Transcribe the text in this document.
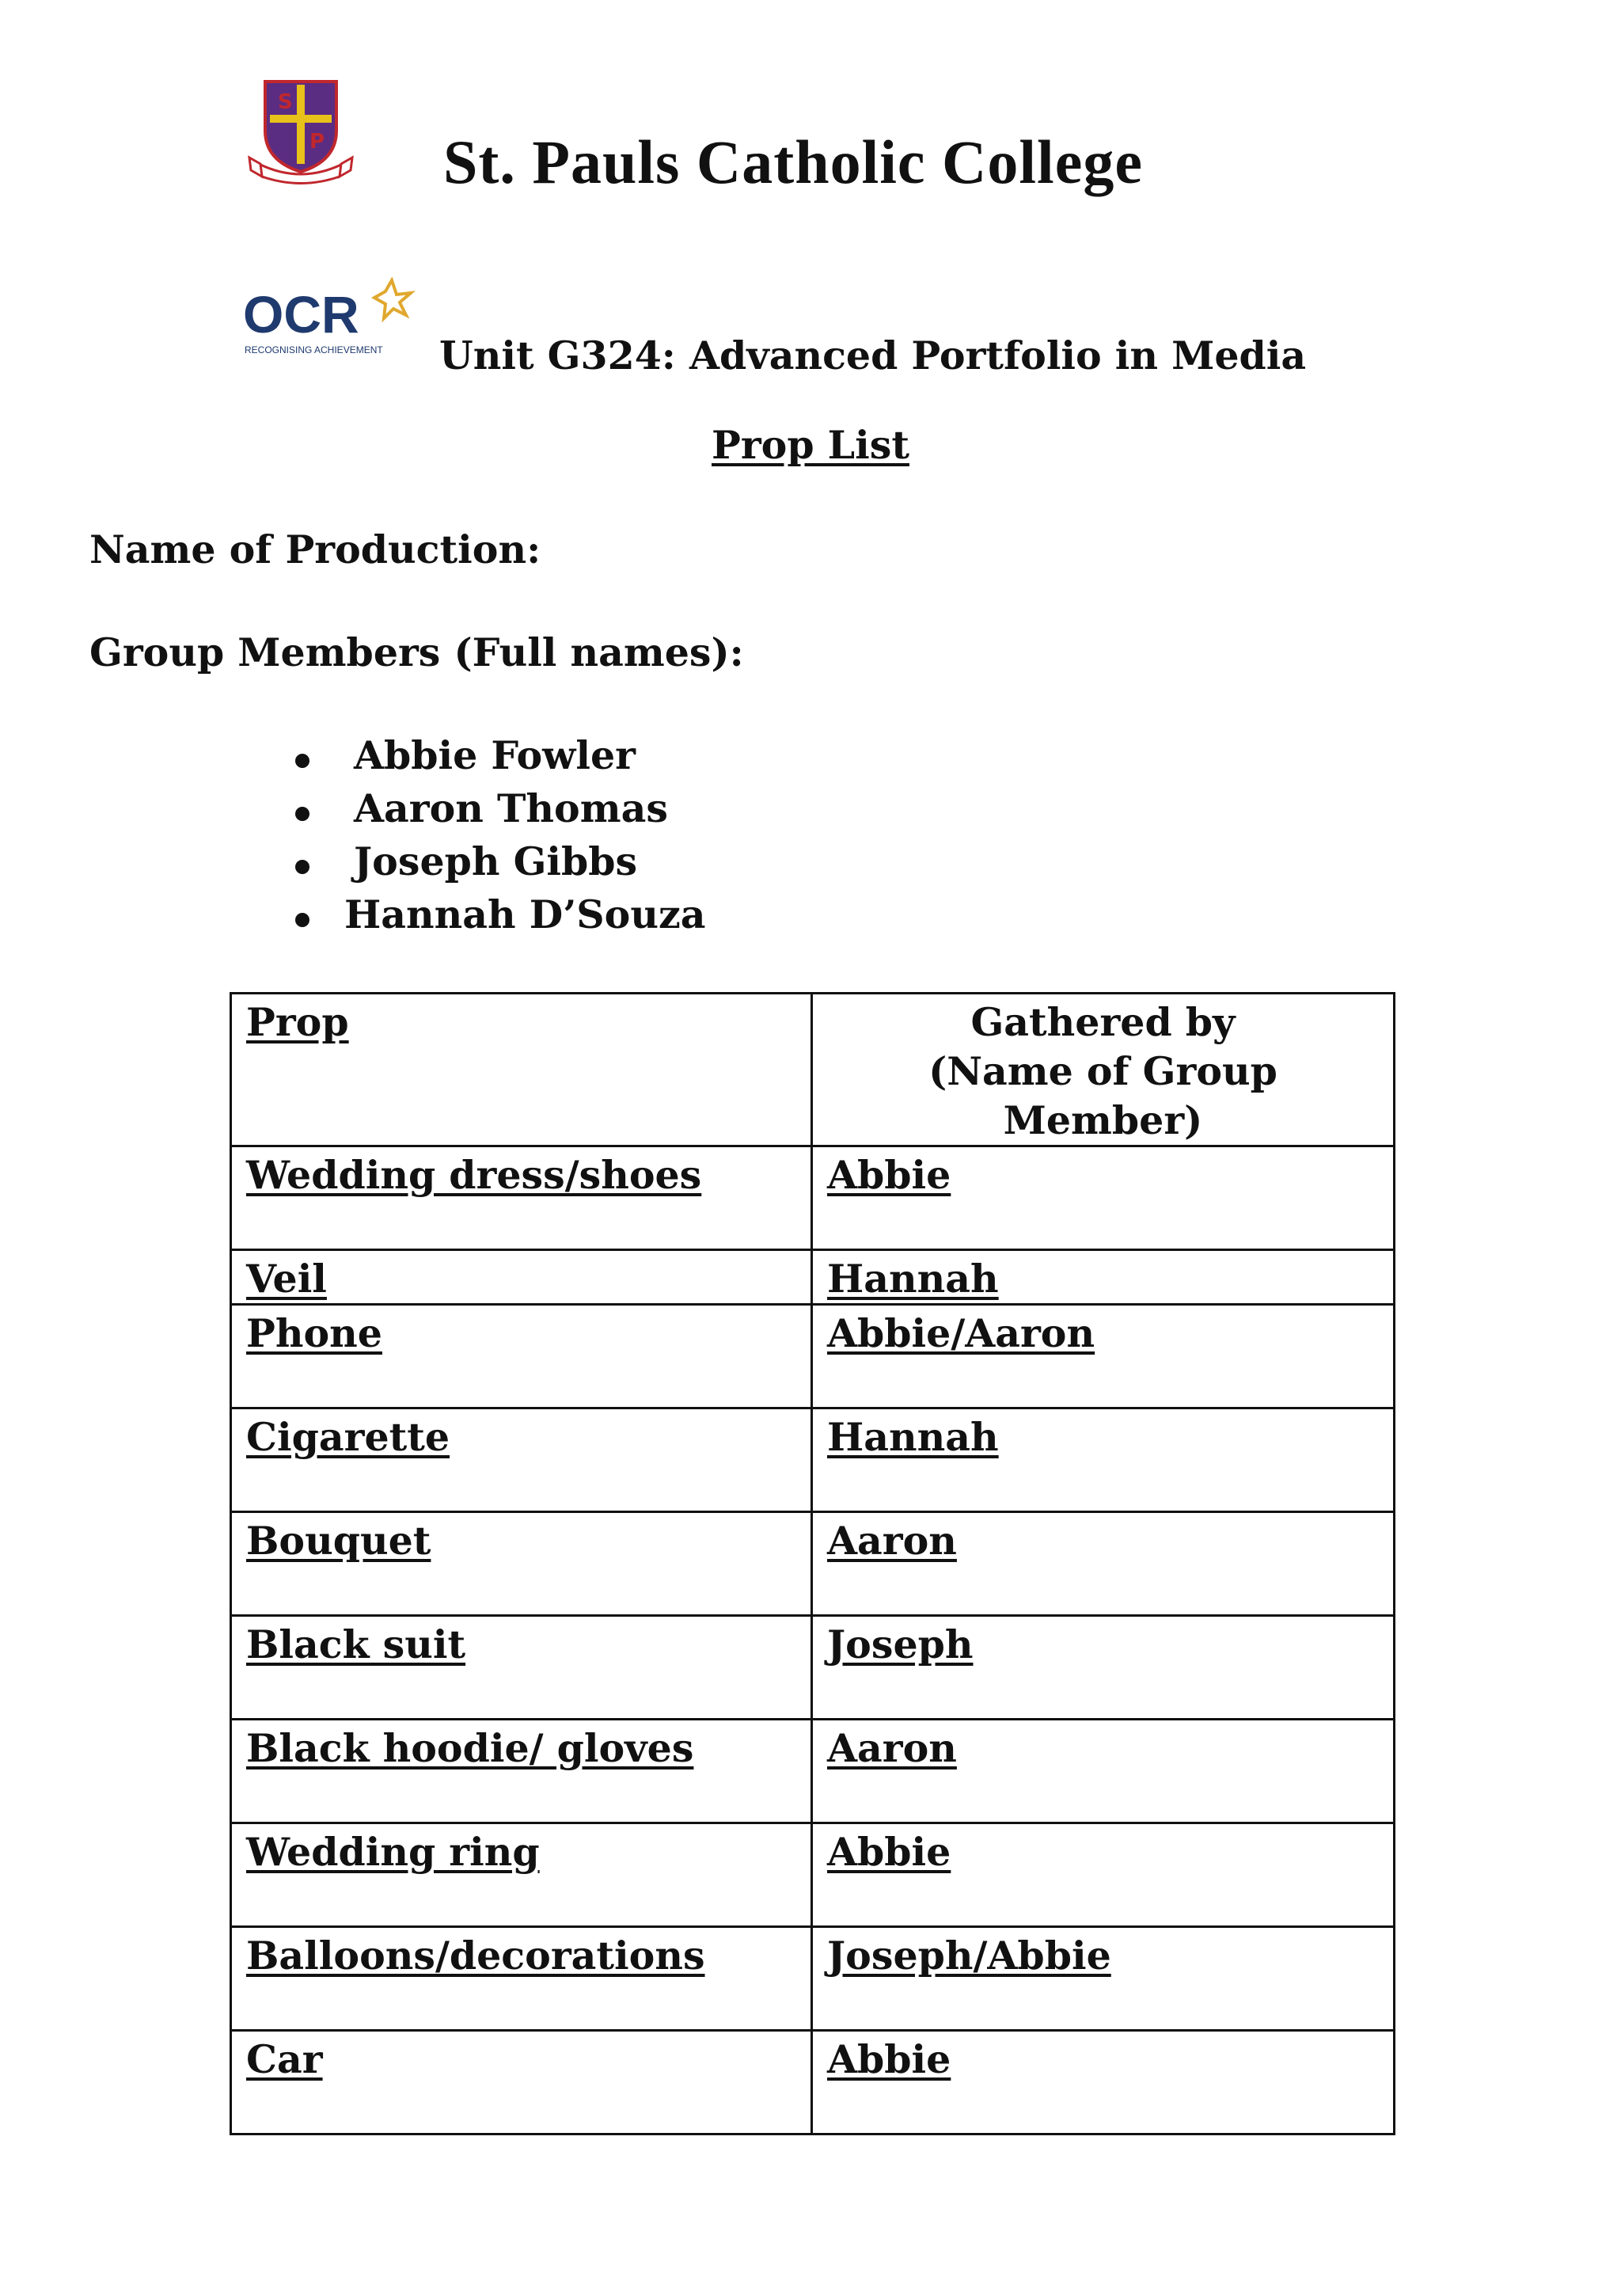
S
P St. Pauls Catholic College
OCR
RECOGNISING ACHIEVEMENT Unit G324: Advanced Portfolio in Media
Prop List
Name of Production:
Group Members (Full names):
Abbie Fowler
Aaron Thomas
Joseph Gibbs
Hannah D’Souza
Prop	Gathered by
(Name of Group Member)
Wedding dress/shoes	Abbie
Veil	Hannah
Phone	Abbie/Aaron
Cigarette	Hannah
Bouquet	Aaron
Black suit	Joseph
Black hoodie/ gloves	Aaron
Wedding ring	Abbie
Balloons/decorations	Joseph/Abbie
Car	Abbie
